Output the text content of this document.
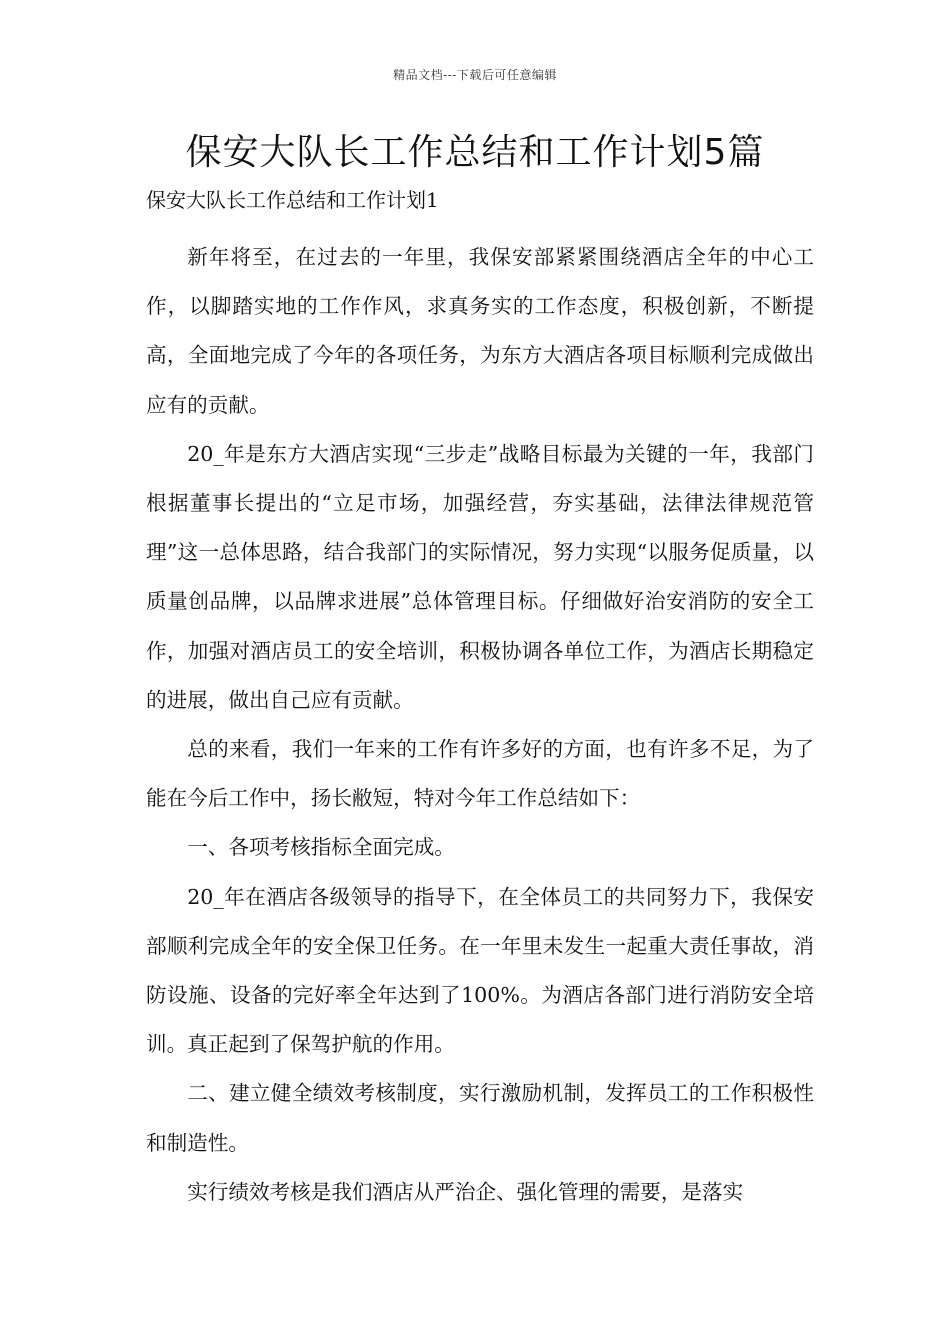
精品文档---下载后可任意编辑
保安大队长工作总结和工作计划5篇
保安大队长工作总结和工作计划1

新年将至，在过去的一年里，我保安部紧紧围绕酒店全年的中心工作，以脚踏实地的工作作风，求真务实的工作态度，积极创新，不断提高，全面地完成了今年的各项任务，为东方大酒店各项目标顺利完成做出应有的贡献。

20_年是东方大酒店实现“三步走”战略目标最为关键的一年，我部门根据董事长提出的“立足市场，加强经营，夯实基础，法律法律规范管理”这一总体思路，结合我部门的实际情况，努力实现“以服务促质量，以质量创品牌，以品牌求进展”总体管理目标。仔细做好治安消防的安全工作，加强对酒店员工的安全培训，积极协调各单位工作，为酒店长期稳定的进展，做出自己应有贡献。

总的来看，我们一年来的工作有许多好的方面，也有许多不足，为了能在今后工作中，扬长敝短，特对今年工作总结如下：

一、各项考核指标全面完成。

20_年在酒店各级领导的指导下，在全体员工的共同努力下，我保安部顺利完成全年的安全保卫任务。在一年里未发生一起重大责任事故，消防设施、设备的完好率全年达到了100%。为酒店各部门进行消防安全培训。真正起到了保驾护航的作用。

二、建立健全绩效考核制度，实行激励机制，发挥员工的工作积极性和制造性。

实行绩效考核是我们酒店从严治企、强化管理的需要，是落实
